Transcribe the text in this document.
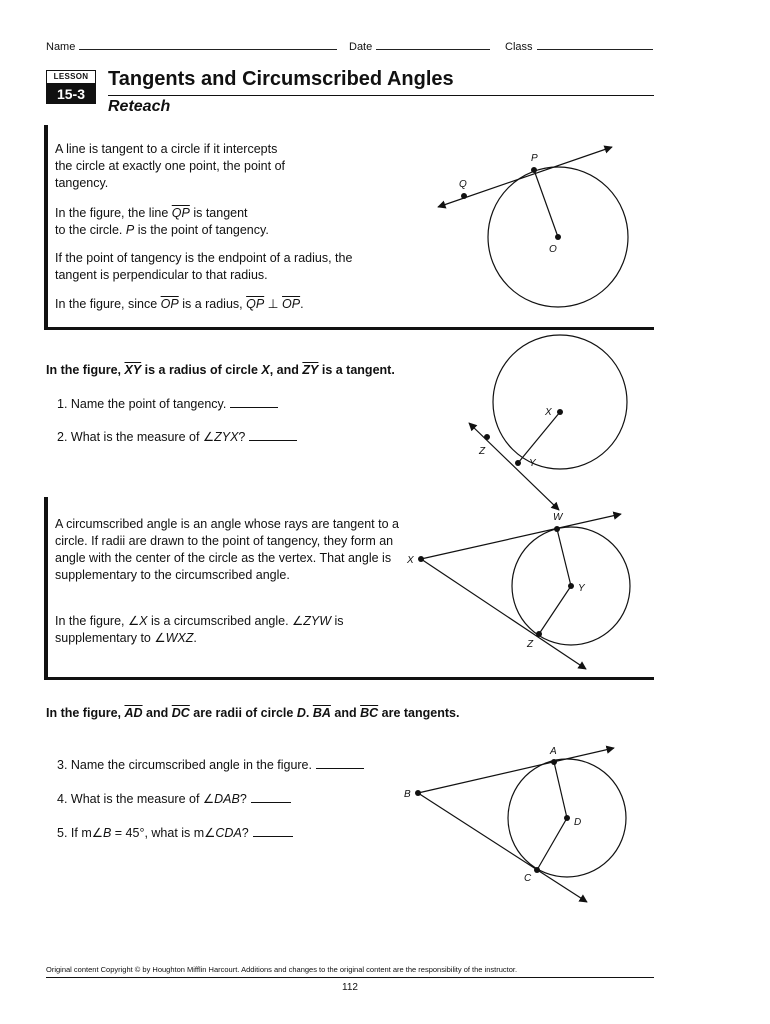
Name	Date	Class
LESSON
15-3
Tangents and Circumscribed Angles
Reteach
A line is tangent to a circle if it intercepts the circle at exactly one point, the point of tangency.
In the figure, the line $\overline{QP}$ is tangent
to the circle. P is the point of tangency.
If the point of tangency is the endpoint of a radius, the tangent is perpendicular to that radius.
In the figure, since $\overline{OP}$ is a radius, $\overline{QP}$ ⊥ $\overline{OP}$.
P
Q
O
X
Z
Y
W
X
Y
Z
A
B
D
C
In the figure, $\overline{XY}$ is a radius of circle X, and $\overline{ZY}$ is a tangent.
1. Name the point of tangency.
2. What is the measure of ∠ZYX?
A circumscribed angle is an angle whose rays are tangent to a circle. If radii are drawn to the point of tangency, they form an angle with the center of the circle as the vertex. That angle is supplementary to the circumscribed angle.
In the figure, ∠X is a circumscribed angle. ∠ZYW is supplementary to ∠WXZ.
In the figure, $\overline{AD}$ and $\overline{DC}$ are radii of circle D. $\overline{BA}$ and $\overline{BC}$ are tangents.
3. Name the circumscribed angle in the figure.
4. What is the measure of ∠DAB?
5. If m∠B = 45°, what is m∠CDA?
Original content Copyright © by Houghton Mifflin Harcourt. Additions and changes to the original content are the responsibility of the instructor.
112
